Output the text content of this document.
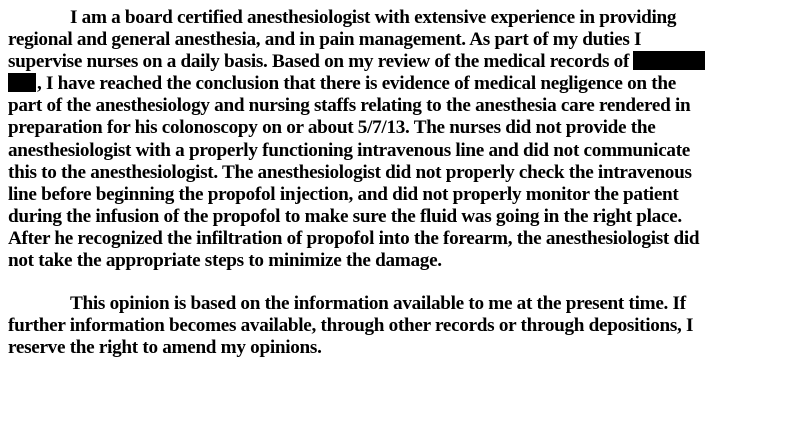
I am a board certified anesthesiologist with extensive experience in providing
regional and general anesthesia, and in pain management. As part of my duties I
supervise nurses on a daily basis. Based on my review of the medical records of
, I have reached the conclusion that there is evidence of medical negligence on the
part of the anesthesiology and nursing staffs relating to the anesthesia care rendered in
preparation for his colonoscopy on or about 5/7/13. The nurses did not provide the
anesthesiologist with a properly functioning intravenous line and did not communicate
this to the anesthesiologist. The anesthesiologist did not properly check the intravenous
line before beginning the propofol injection, and did not properly monitor the patient
during the infusion of the propofol to make sure the fluid was going in the right place.
After he recognized the infiltration of propofol into the forearm, the anesthesiologist did
not take the appropriate steps to minimize the damage.
This opinion is based on the information available to me at the present time. If
further information becomes available, through other records or through depositions, I
reserve the right to amend my opinions.
